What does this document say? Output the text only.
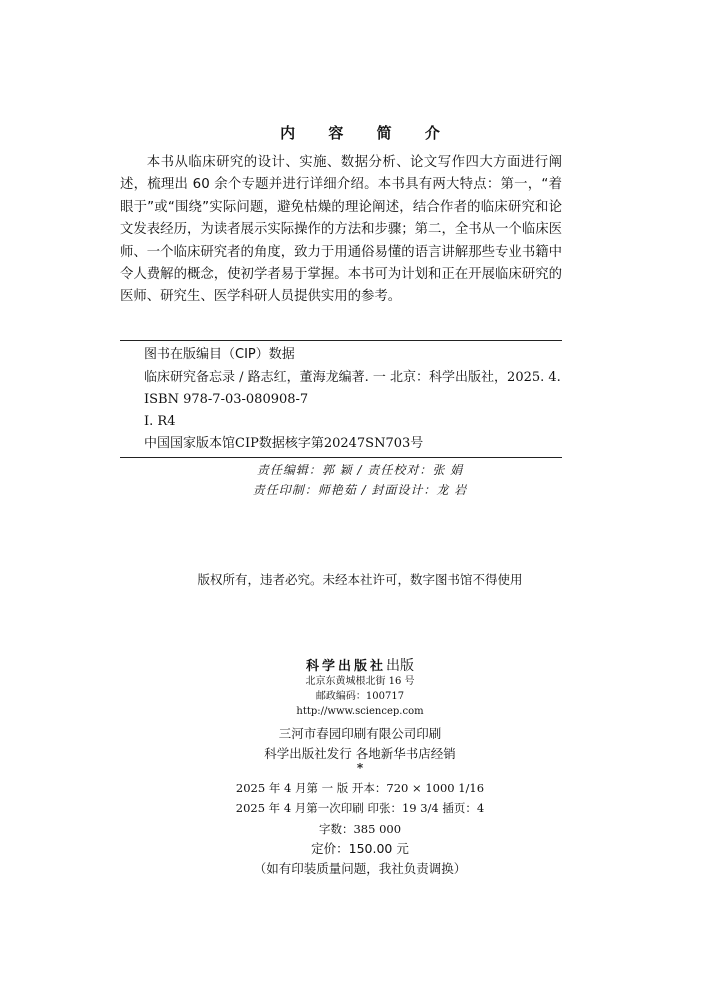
内 容 简 介

本书从临床研究的设计、实施、数据分析、论文写作四大方面进行阐述，梳理出 60 余个专题并进行详细介绍。本书具有两大特点：第一，“着眼于”或“围绕”实际问题，避免枯燥的理论阐述，结合作者的临床研究和论文发表经历，为读者展示实际操作的方法和步骤；第二，全书从一个临床医师、一个临床研究者的角度，致力于用通俗易懂的语言讲解那些专业书籍中令人费解的概念，使初学者易于掌握。本书可为计划和正在开展临床研究的医师、研究生、医学科研人员提供实用的参考。

图书在版编目（CIP）数据
临床研究备忘录 / 路志红，董海龙编著. 一 北京：科学出版社，2025. 4.
ISBN 978-7-03-080908-7
Ⅰ. R4
中国国家版本馆CIP数据核字第20247SN703号
责任编辑：郭 颖 / 责任校对：张 娟
责任印制：师艳茹 / 封面设计：龙 岩
版权所有，违者必究。未经本社许可，数字图书馆不得使用
科学出版社出版
北京东黄城根北街 16 号
邮政编码：100717
http://www.sciencep.com
三河市春园印刷有限公司印刷
科学出版社发行 各地新华书店经销
*
2025 年 4 月第 一 版 开本：720 × 1000 1/16
2025 年 4 月第一次印刷 印张：19 3/4 插页：4
字数：385 000
定价：150.00 元
（如有印装质量问题，我社负责调换）
